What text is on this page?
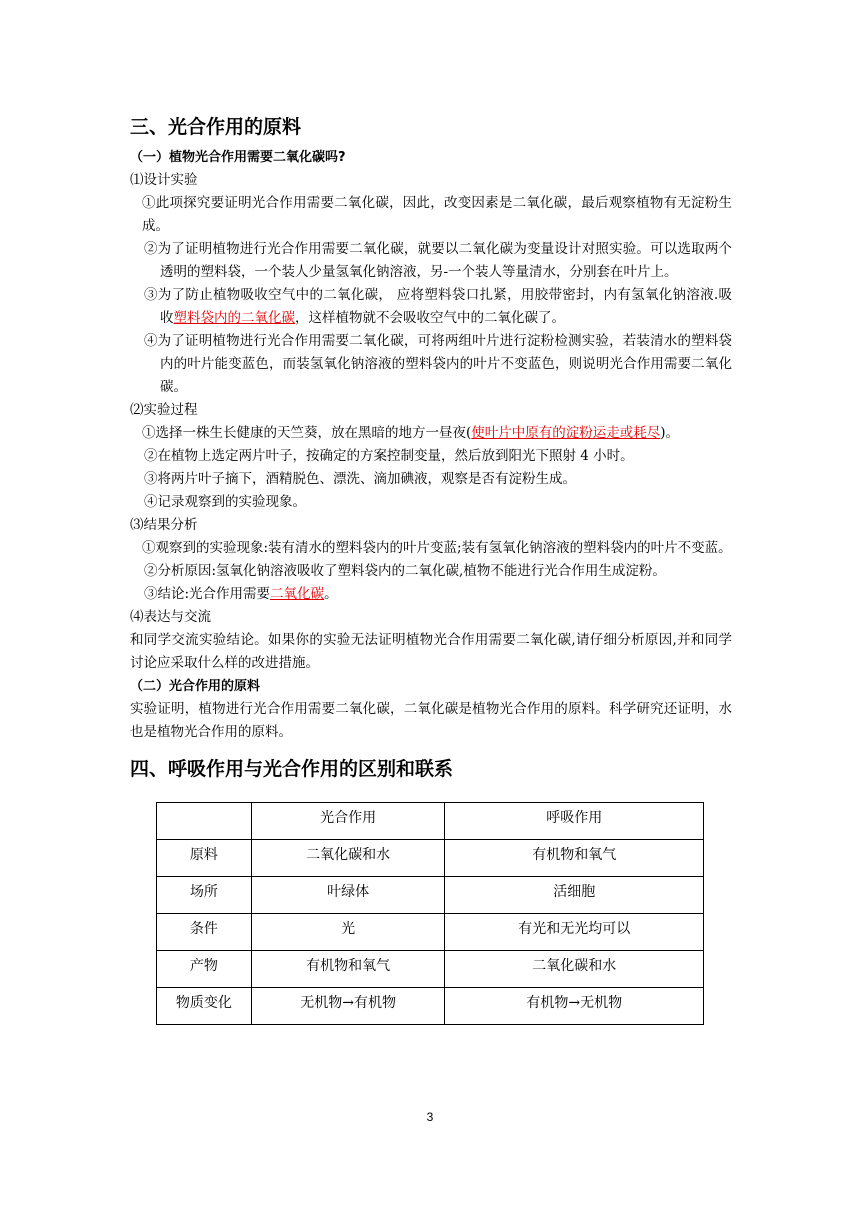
三、光合作用的原料
（一）植物光合作用需要二氧化碳吗?
⑴设计实验
①此项探究要证明光合作用需要二氧化碳，因此，改变因素是二氧化碳，最后观察植物有无淀粉生成。
②为了证明植物进行光合作用需要二氧化碳，就要以二氧化碳为变量设计对照实验。可以选取两个透明的塑料袋，一个装人少量氢氧化钠溶液，另-一个装人等量清水，分别套在叶片上。
③为了防止植物吸收空气中的二氧化碳， 应将塑料袋口扎紧，用胶带密封，内有氢氧化钠溶液.吸收塑料袋内的二氧化碳，这样植物就不会吸收空气中的二氧化碳了。
④为了证明植物进行光合作用需要二氧化碳，可将两组叶片进行淀粉检测实验，若装清水的塑料袋内的叶片能变蓝色，而装氢氧化钠溶液的塑料袋内的叶片不变蓝色，则说明光合作用需要二氧化碳。
⑵实验过程
①选择一株生长健康的天竺葵，放在黑暗的地方一昼夜(使叶片中原有的淀粉运走或耗尽)。
②在植物上选定两片叶子，按确定的方案控制变量，然后放到阳光下照射 4 小时。
③将两片叶子摘下，酒精脱色、漂洗、滴加碘液，观察是否有淀粉生成。
④记录观察到的实验现象。
⑶结果分析
①观察到的实验现象:装有清水的塑料袋内的叶片变蓝;装有氢氧化钠溶液的塑料袋内的叶片不变蓝。
②分析原因:氢氧化钠溶液吸收了塑料袋内的二氧化碳,植物不能进行光合作用生成淀粉。
③结论:光合作用需要二氧化碳。
⑷表达与交流
和同学交流实验结论。如果你的实验无法证明植物光合作用需要二氧化碳,请仔细分析原因,并和同学讨论应采取什么样的改进措施。
（二）光合作用的原料
实验证明，植物进行光合作用需要二氧化碳，二氧化碳是植物光合作用的原料。科学研究还证明，水也是植物光合作用的原料。
四、呼吸作用与光合作用的区别和联系
	光合作用	呼吸作用
原料	二氧化碳和水	有机物和氧气
场所	叶绿体	活细胞
条件	光	有光和无光均可以
产物	有机物和氧气	二氧化碳和水
物质变化	无机物→有机物	有机物→无机物
3
